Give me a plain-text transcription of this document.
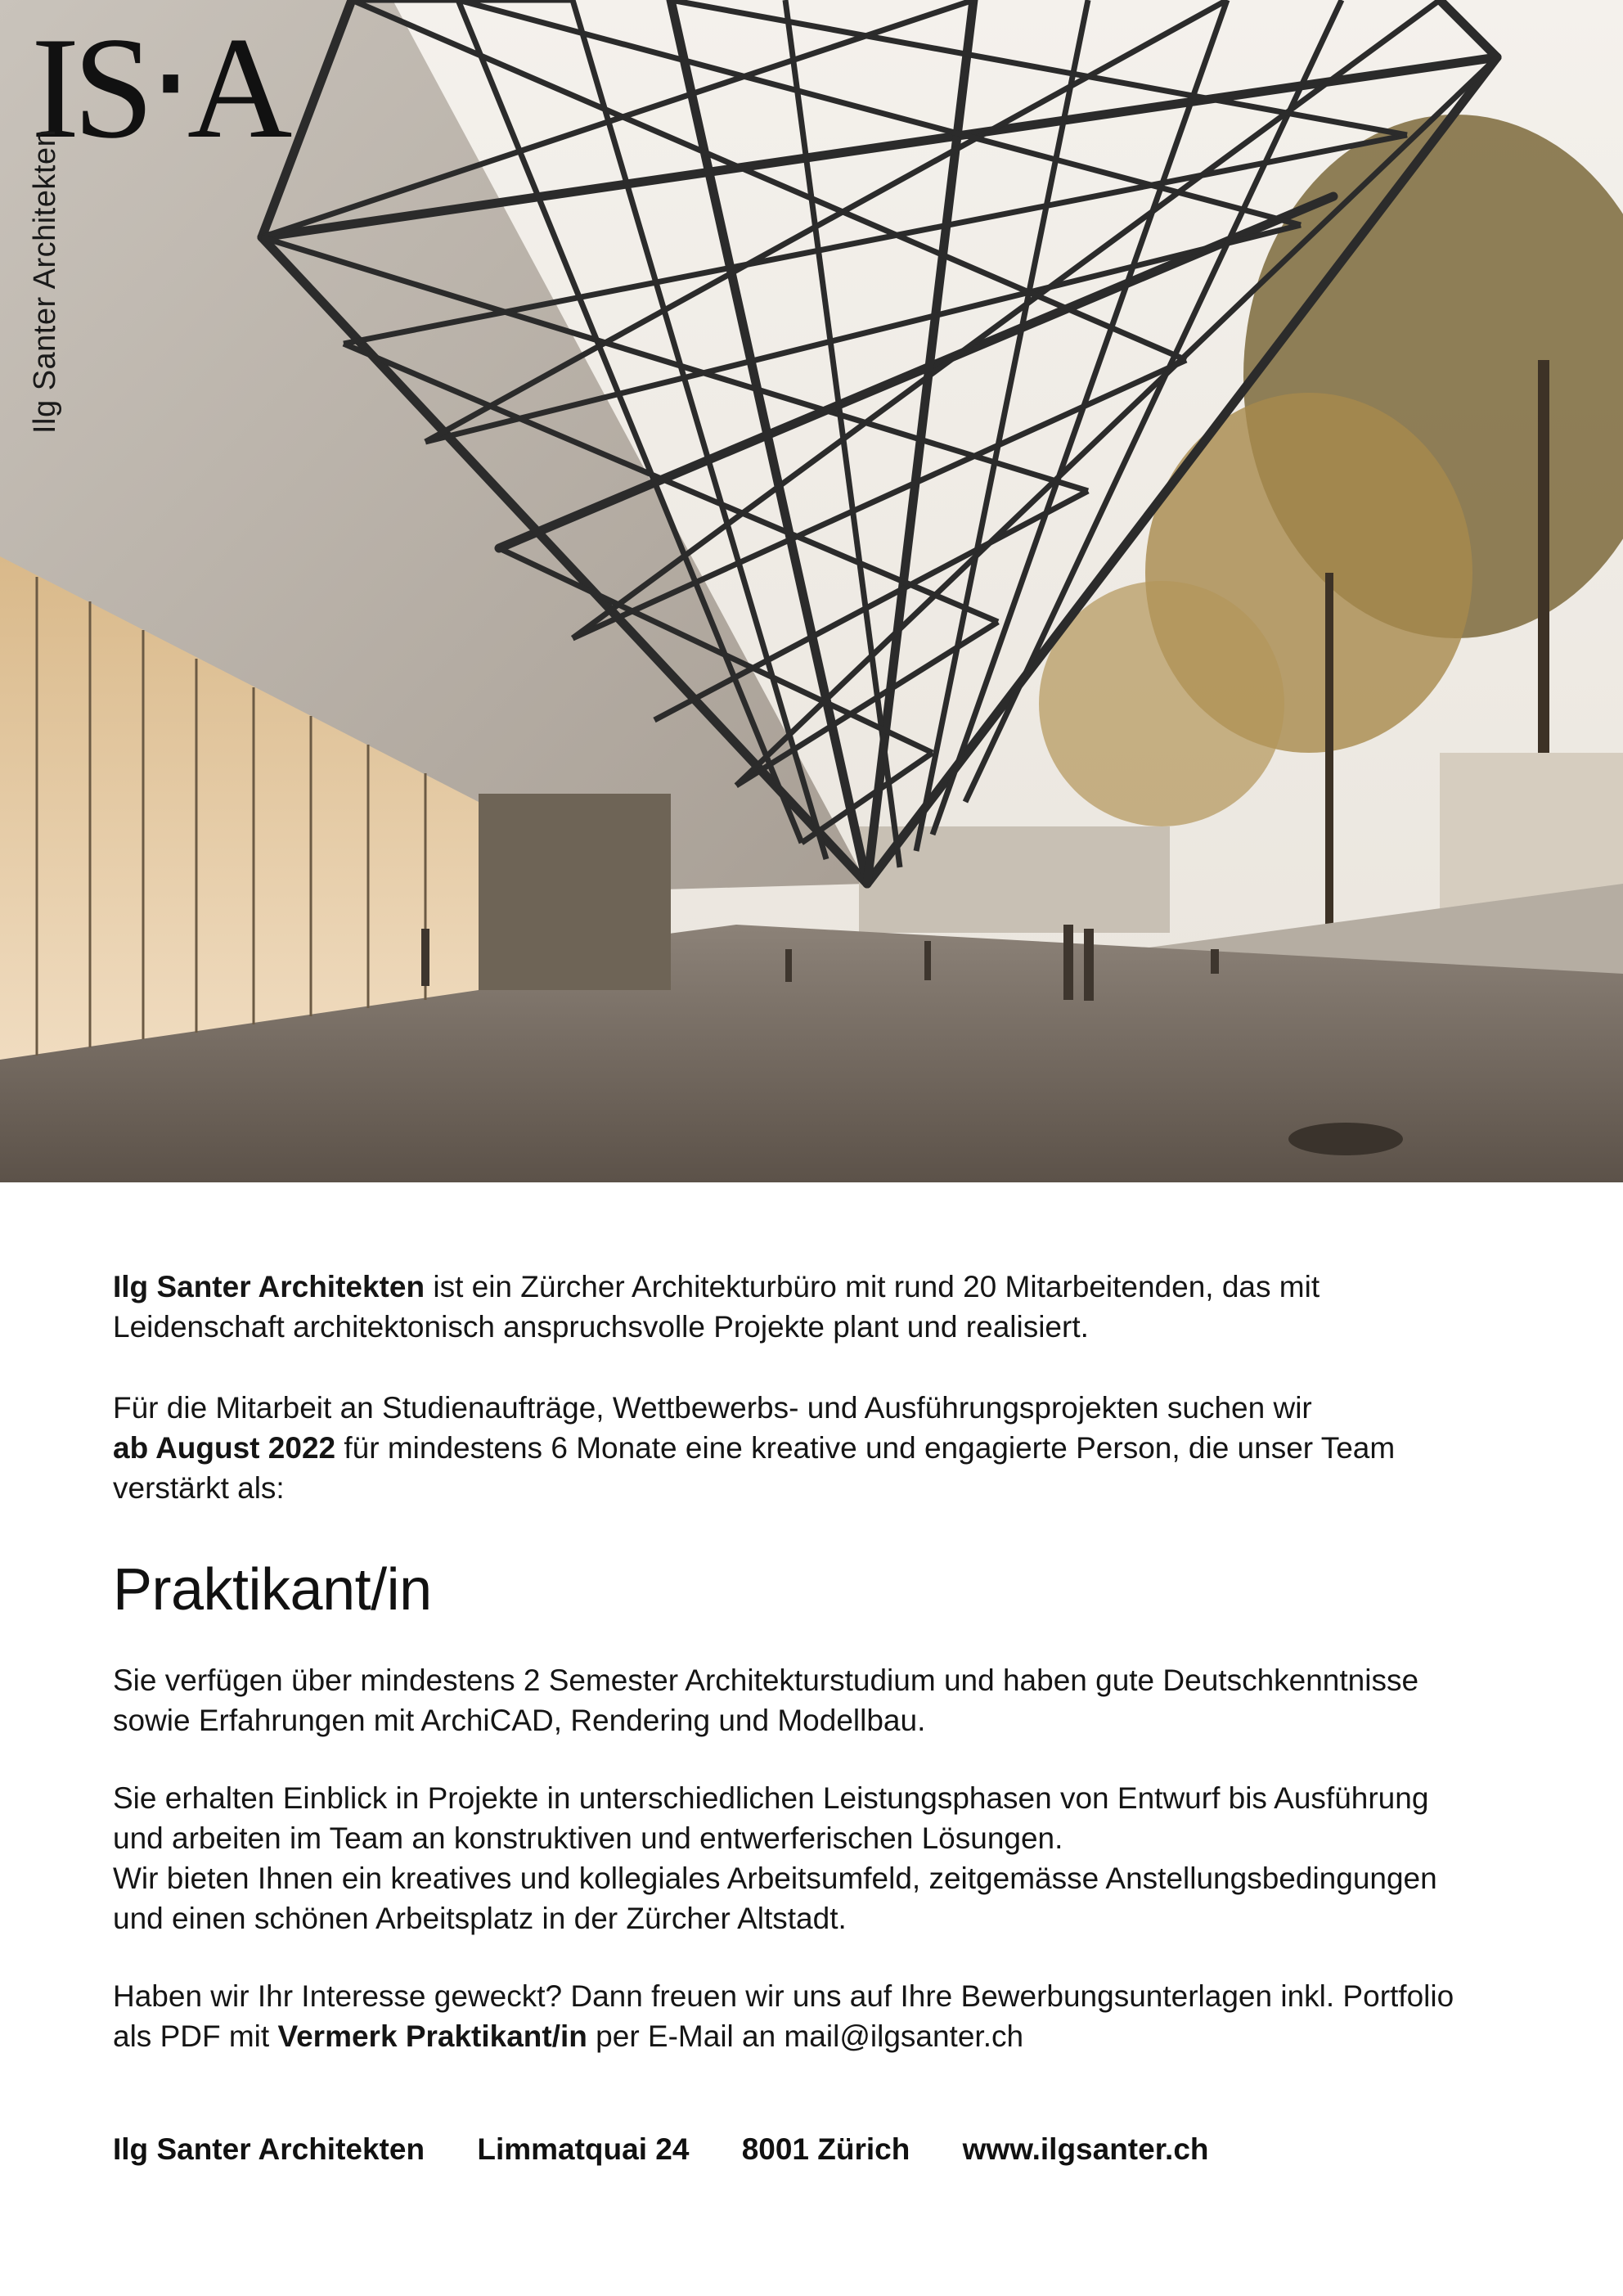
IS‧A
Ilg Santer Architekten

Ilg Santer Architekten ist ein Zürcher Architekturbüro mit rund 20 Mitarbeitenden, das mit
Leidenschaft architektonisch anspruchsvolle Projekte plant und realisiert.

Für die Mitarbeit an Studienaufträge, Wettbewerbs- und Ausführungsprojekten suchen wir
ab August 2022 für mindestens 6 Monate eine kreative und engagierte Person, die unser Team
verstärkt als:

Praktikant/in

Sie verfügen über mindestens 2 Semester Architekturstudium und haben gute Deutschkenntnisse
sowie Erfahrungen mit ArchiCAD, Rendering und Modellbau.

Sie erhalten Einblick in Projekte in unterschiedlichen Leistungsphasen von Entwurf bis Ausführung
und arbeiten im Team an konstruktiven und entwerferischen Lösungen.
Wir bieten Ihnen ein kreatives und kollegiales Arbeitsumfeld, zeitgemässe Anstellungsbedingungen
und einen schönen Arbeitsplatz in der Zürcher Altstadt.

Haben wir Ihr Interesse geweckt? Dann freuen wir uns auf Ihre Bewerbungsunterlagen inkl. Portfolio
als PDF mit Vermerk Praktikant/in per E-Mail an mail@ilgsanter.ch

Ilg Santer Architekten Limmatquai 24 8001 Zürich www.ilgsanter.ch
